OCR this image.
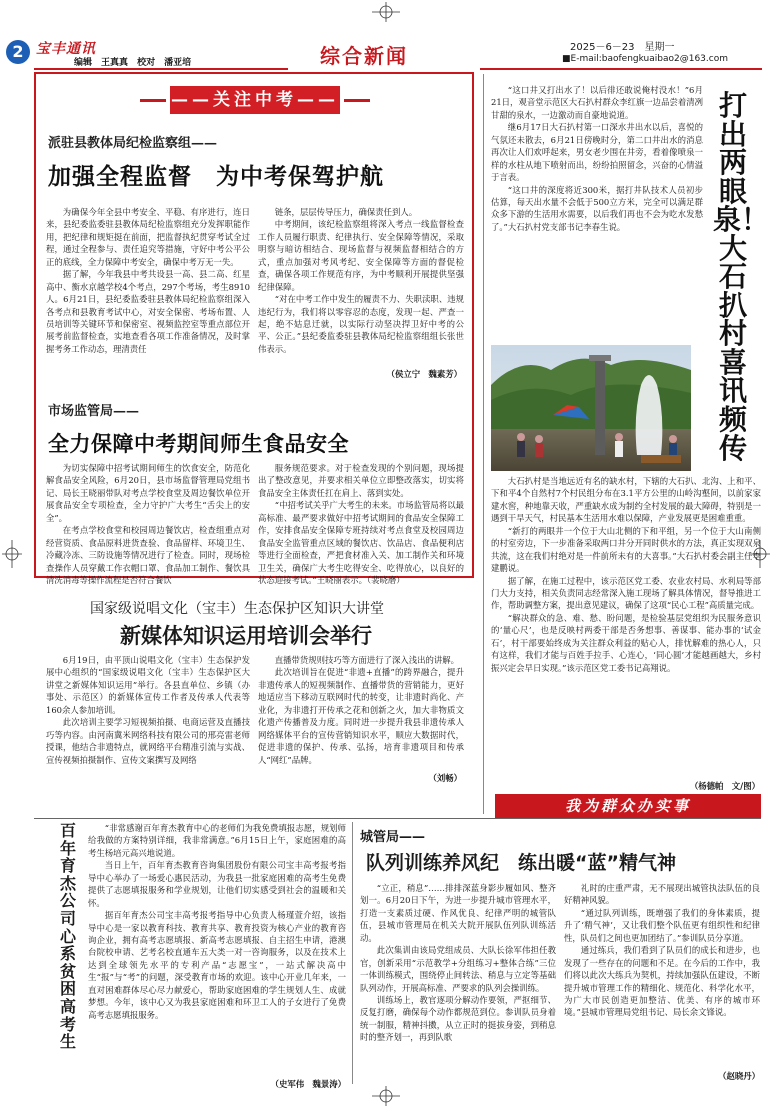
2 宝丰通讯
编辑　王真真 校对　潘亚培	综合新闻	2025－6－23　星期一
■E-mail:baofengkuaibao2@163.com
——关注中考——
派驻县教体局纪检监察组——
加强全程监督　为中考保驾护航

为确保今年全县中考安全、平稳、有序进行，连日来，县纪委监委驻县教体局纪检监察组充分发挥职能作用，把纪律和规矩挺在前面，把监督执纪贯穿考试全过程，通过全程参与、责任追究等措施，守好中考公平公正的底线，全力保障中考安全，确保中考万无一失。

据了解，今年我县中考共设县一高、县二高、红星高中、衡水京越学校4个考点，297个考场，考生8910人。6月21日，县纪委监委驻县教体局纪检监察组深入各考点和县教育考试中心，对安全保密、考场布置、人员培训等关键环节和保密室、视频监控室等重点部位开展考前监督检查，实地查看各项工作准备情况，及时掌握考务工作动态，理清责任

链条，层层传导压力，确保责任到人。

中考期间，该纪检监察组将深入考点一线监督检查工作人员履行职责、纪律执行、安全保障等情况，采取明察与暗访相结合、现场监督与视频监督相结合的方式，重点加强对考风考纪、安全保障等方面的督促检查，确保各项工作规范有序，为中考顺利开展提供坚强纪律保障。

“对在中考工作中发生的履责不力、失职渎职、违规违纪行为，我们将以零容忍的态度，发现一起、严查一起，绝不姑息迁就，以实际行动坚决捍卫好中考的公平、公正。”县纪委监委驻县教体局纪检监察组组长张世伟表示。

（侯立宁　魏素芳）
市场监管局——
全力保障中考期间师生食品安全

为切实保障中招考试期间师生的饮食安全，防范化解食品安全风险，6月20日，县市场监督管理局党组书记、局长王晓丽带队对考点学校食堂及周边餐饮单位开展食品安全专项检查，全力守护广大考生“舌尖上的安全”。

在考点学校食堂和校园周边餐饮店，检查组重点对经营资质、食品原料进货查验、食品留样、环境卫生、冷藏冷冻、三防设施等情况进行了检查。同时，现场检查操作人员穿戴工作衣帽口罩、食品加工制作、餐饮具清洗消毒等操作流程是否符合餐饮

服务规范要求。对于检查发现的个别问题，现场提出了整改意见，并要求相关单位立即整改落实，切实将食品安全主体责任扛在肩上、落到实处。

“中招考试关乎广大考生的未来。市场监管局将以最高标准、最严要求做好中招考试期间的食品安全保障工作，安排食品安全保障专班持续对考点食堂及校园周边食品安全监管重点区域的餐饮店、饮品店、食品便利店等进行全面检查，严把食材准入关、加工制作关和环境卫生关，确保广大考生吃得安全、吃得放心，以良好的状态迎接考试。”王晓丽表示。（裴晓磨）

国家级说唱文化（宝丰）生态保护区知识大讲堂
新媒体知识运用培训会举行

6月19日，由平顶山说唱文化（宝丰）生态保护发展中心组织的“国家级说唱文化（宝丰）生态保护区大讲堂之新媒体知识运用”举行。各县直单位、乡镇（办事处、示范区）的新媒体宣传工作者及传承人代表等160余人参加培训。

此次培训主要学习短视频拍摄、电商运营及直播技巧等内容。由河南冀米网络科技有限公司的邢亮雷老师授课，他结合非遗特点，就网络平台精准引流与实战、宣传视频拍摄制作、宣传文案撰写及网络

直播带货规则技巧等方面进行了深入浅出的讲解。

此次培训旨在促进“非遗+直播”的跨界融合，提升非遗传承人的短视频制作、直播带货的营销能力，更好地适应当下移动互联网时代的转变，让非遗时尚化、产业化，为非遗打开传承之花和创新之火，加大非物质文化遗产传播普及力度。同时进一步提升我县非遗传承人网络媒体平台的宣传营销知识水平，顺应大数据时代，促进非遗的保护、传承、弘扬，培育非遗项目和传承人“网红”品牌。

（刘畅）

“这口井又打出水了！以后徘还敢说俺村没水！”6月21日，观音堂示范区大石扒村群众李红旗一边品尝着清冽甘甜的泉水，一边激动而自豪地说道。

继6月17日大石扒村第一口深水井出水以后，喜悦的气氛还未散去，6月21日傍晚时分，第二口井出水的消息再次让人们欢呼起来，男女老少围在井旁，看着像喷泉一样的水柱从地下喷射而出，纷纷拍照留念，兴奋的心情溢于言表。

“这口井的深度将近300米，据打井队技术人员初步估算，每天出水量不会低于500立方米，完全可以满足群众多下游的生活用水需要，以后我们再也不会为吃水发愁了。”大石扒村党支部书记李春生说。

打出两眼泉！大石扒村喜讯频传

大石扒村是当地远近有名的缺水村，下辖的大石扒、北沟、上和平、下和平4个自然村7个村民组分布在3.1平方公里的山岭沟壑间，以前家家建水窖，种地靠天收，严重缺水成为制约全村发展的最大障碍，特别是一遇到干旱天气，村民基本生活用水难以保障，产业发展更是困难重重。

“新打的两眼井一个位于大山北侧的下和平组，另一个位于大山南侧的村室旁边，下一步准备采取两口井分开同时供水的方法，真正实现双泉共流，这在我们村绝对是一件前所未有的大喜事。”大石扒村委会副主任李建鹏说。

据了解，在施工过程中，该示范区党工委、农业农村局、水利局等部门大力支持，相关负责同志经常深入施工现场了解具体情况，督导推进工作，帮助调整方案，提出意见建议，确保了这项“民心工程”高质量完成。

“解决群众的急、难、愁、盼问题，是检验基层党组织为民服务意识的‘量心尺’，也是反映村两委干部是否务想事、善谋事、能办事的‘试金石’，村干部要始终成为关注群众利益的贴心人，排忧解难的热心人，只有这样，我们才能与百姓手拉手、心连心，‘同心圆’才能越画越大，乡村振兴定会早日实现。”该示范区党工委书记高翔说。

（杨德帕　文/图）
我为群众办实事
百年育杰公司心系贫困高考生

“非常感谢百年育杰教育中心的老师们为我免费填报志愿，规划师给我做的方案特别详细，我非常满意。”6月15日上午，家庭困难的高考生杨培元高兴地说道。

当日上午，百年育杰教育咨询集团股份有限公司宝丰高考报考指导中心举办了一场爱心惠民活动，为我县一批家庭困难的高考生免费提供了志愿填报服务和学业规划，让他们切实感受到社会的温暖和关怀。

据百年育杰公司宝丰高考报考指导中心负责人杨瑾萱介绍，该指导中心是一家以教育科技、教育共享、教育投资为核心产业的教育咨询企业，拥有高考志愿填报、新高考志愿填报、自主招生申请，港澳台院校申请、艺考名校直通车五大类一对一咨询服务，以及在技术上达到全球领先水平的专利产品“志愿宝”，一站式解决高中生“报”与“考”的问题，深受教育市场的欢迎。该中心开业几年来，一直对困难群体尽心尽力献爱心，帮助家庭困难的学生规划人生、成就梦想。今年，该中心又为我县家庭困难和环卫工人的子女进行了免费高考志愿填报服务。

（史军伟　魏景涛）
城管局——
队列训练养风纪　练出暖“蓝”精气神

“立正，稍息”……排排深蓝身影步履如风、整齐划一。6月20日下午，为进一步提升城市管理水平，打造一支素质过硬、作风优良、纪律严明的城管队伍，县城市管理局在机关大院开展队伍列队训练活动。

此次集训由该局党组成员、大队长徐军伟担任教官，创新采用“示范教学+分组练习+整体合练”三位一体训练模式，围绕停止间转法、稍息与立定等基础队列动作，开展高标准、严要求的队列会操训练。

训练场上，教官逐项分解动作要领，严抠细节、反复打磨，确保每个动作都规范到位。参训队员身着统一制服，精神抖擞，从立正时的挺拔身姿，到稍息时的整齐划一，再到队歌

礼时的庄重严肃，无不展现出城管执法队伍的良好精神风貌。

“通过队列训练，既增强了我们的身体素质，提升了‘精气神’，又让我们整个队伍更有组织性和纪律性，队员们之间也更加团结了。”参训队员分享道。

通过练兵，我们看到了队员们的成长和进步，也发现了一些存在的问题和不足。在今后的工作中，我们将以此次大练兵为契机，持续加强队伍建设，不断提升城市管理工作的精细化、规范化、科学化水平，为广大市民创造更加整洁、优美、有序的城市环境。”县城市管理局党组书记、局长余文锋说。

（赵晓丹）
